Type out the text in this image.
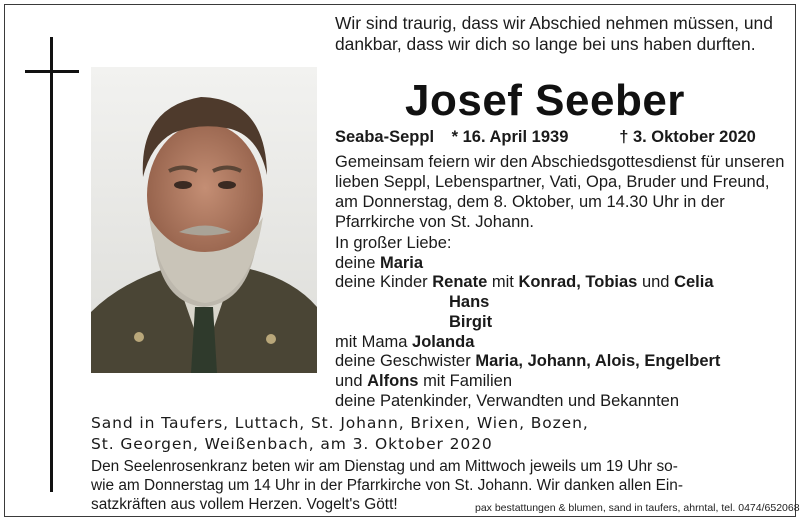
Wir sind traurig, dass wir Abschied nehmen müssen, und dankbar, dass wir dich so lange bei uns haben durften.
Josef Seeber
Seaba-Seppl * 16. April 1939	† 3. Oktober 2020
Gemeinsam feiern wir den Abschiedsgottesdienst für unseren lieben Seppl, Lebenspartner, Vati, Opa, Bruder und Freund, am Donnerstag, dem 8. Oktober, um 14.30 Uhr in der Pfarrkirche von St. Johann.
In großer Liebe:
deine Maria
deine Kinder Renate mit Konrad, Tobias und Celia
Hans
Birgit
mit Mama Jolanda
deine Geschwister Maria, Johann, Alois, Engelbert
und Alfons mit Familien
deine Patenkinder, Verwandten und Bekannten
Sand in Taufers, Luttach, St. Johann, Brixen, Wien, Bozen,
St. Georgen, Weißenbach, am 3. Oktober 2020
Den Seelenrosenkranz beten wir am Dienstag und am Mittwoch jeweils um 19 Uhr so-
wie am Donnerstag um 14 Uhr in der Pfarrkirche von St. Johann. Wir danken allen Ein-
satzkräften aus vollem Herzen. Vogelt's Gött!	pax bestattungen & blumen, sand in taufers, ahrntal, tel. 0474/652068
